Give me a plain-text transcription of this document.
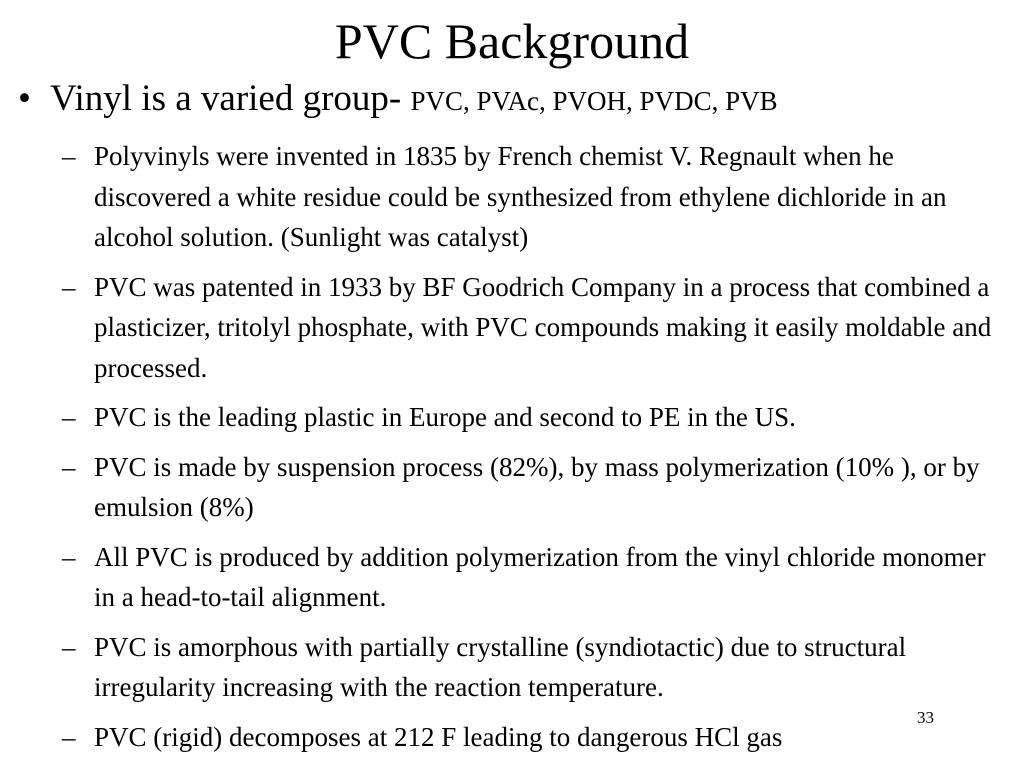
PVC Background
• Vinyl is a varied group- PVC, PVAc, PVOH, PVDC, PVB
– Polyvinyls were invented in 1835 by French chemist V. Regnault when he discovered a white residue could be synthesized from ethylene dichloride in an alcohol solution. (Sunlight was catalyst)
– PVC was patented in 1933 by BF Goodrich Company in a process that combined a plasticizer, tritolyl phosphate, with PVC compounds making it easily moldable and processed.
– PVC is the leading plastic in Europe and second to PE in the US.
– PVC is made by suspension process (82%), by mass polymerization (10% ), or by emulsion (8%)
– All PVC is produced by addition polymerization from the vinyl chloride monomer in a head-to-tail alignment.
– PVC is amorphous with partially crystalline (syndiotactic) due to structural irregularity increasing with the reaction temperature.
– PVC (rigid) decomposes at 212 F leading to dangerous HCl gas
33
